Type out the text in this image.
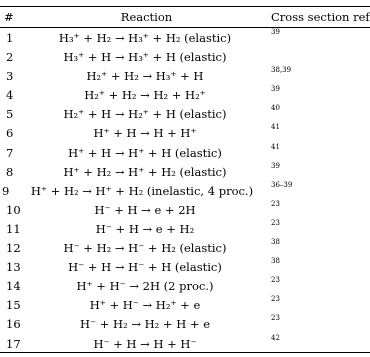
#	Reaction	Cross section ref
1	H₃⁺ + H₂ → H₃⁺ + H₂ (elastic)	39
2	H₃⁺ + H → H₃⁺ + H (elastic)
3	H₂⁺ + H₂ → H₃⁺ + H	38,39
4	H₂⁺ + H₂ → H₂ + H₂⁺	39
5	H₂⁺ + H → H₂⁺ + H (elastic)	40
6	H⁺ + H → H + H⁺	41
7	H⁺ + H → H⁺ + H (elastic)	41
8	H⁺ + H₂ → H⁺ + H₂ (elastic)	39
9	H⁺ + H₂ → H⁺ + H₂ (inelastic, 4 proc.)	36–39
10	H⁻ + H → e + 2H	23
11	H⁻ + H → e + H₂	23
12	H⁻ + H₂ → H⁻ + H₂ (elastic)	38
13	H⁻ + H → H⁻ + H (elastic)	38
14	H⁺ + H⁻ → 2H (2 proc.)	23
15	H⁺ + H⁻ → H₂⁺ + e	23
16	H⁻ + H₂ → H₂ + H + e	23
17	H⁻ + H → H + H⁻	42
